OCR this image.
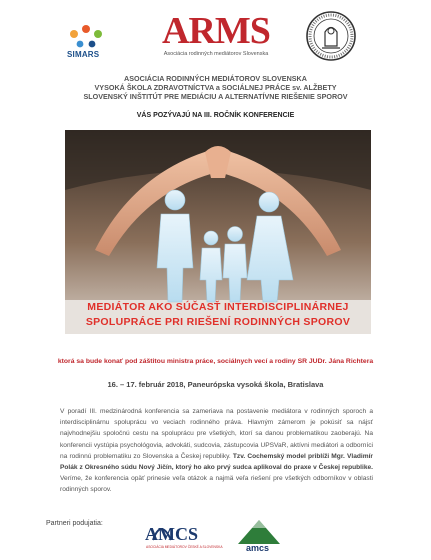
SIMARS
ARMS
Asociácia rodinných mediátorov Slovenska
ASOCIÁCIA RODINNÝCH MEDIÁTOROV SLOVENSKA
VYSOKÁ ŠKOLA ZDRAVOTNÍCTVA a SOCIÁLNEJ PRÁCE sv. ALŽBETY
SLOVENSKÝ INŠTITÚT PRE MEDIÁCIU A ALTERNATÍVNE RIEŠENIE SPOROV
VÁS POZÝVAJÚ NA III. ROČNÍK KONFERENCIE
MEDIÁTOR AKO SÚČASŤ INTERDISCIPLINÁRNEJ
SPOLUPRÁCE PRI RIEŠENÍ RODINNÝCH SPOROV
ktorá sa bude konať pod záštitou ministra práce, sociálnych vecí a rodiny SR JUDr. Jána Richtera
16. – 17. február 2018, Paneurópska vysoká škola, Bratislava
V poradí III. medzinárodná konferencia sa zameriava na postavenie mediátora v rodinných sporoch a interdisciplinárnu spoluprácu vo veciach rodinného práva. Hlavným zámerom je pokúsiť sa nájsť najvhodnejšiu spoločnú cestu na spoluprácu pre všetkých, ktorí sa danou problematikou zaoberajú. Na konferencii vystúpia psychológovia, advokáti, sudcovia, zástupcovia UPSVaR, aktívni mediátori a odborníci na rodinnú problematiku zo Slovenska a Českej republiky. Tzv. Cochemský model priblíži Mgr. Vladimír Polák z Okresného súdu Nový Jičín, ktorý ho ako prvý sudca aplikoval do praxe v Českej republike. Veríme, že konferencia opäť prinesie veľa otázok a najmä veľa riešení pre všetkých odborníkov v oblasti rodinných sporov.
Partneri podujatia:
AMCS
ASOCIÁCIA MEDIÁTOROV ČESKÉ A SLOVENSKA	amcs
